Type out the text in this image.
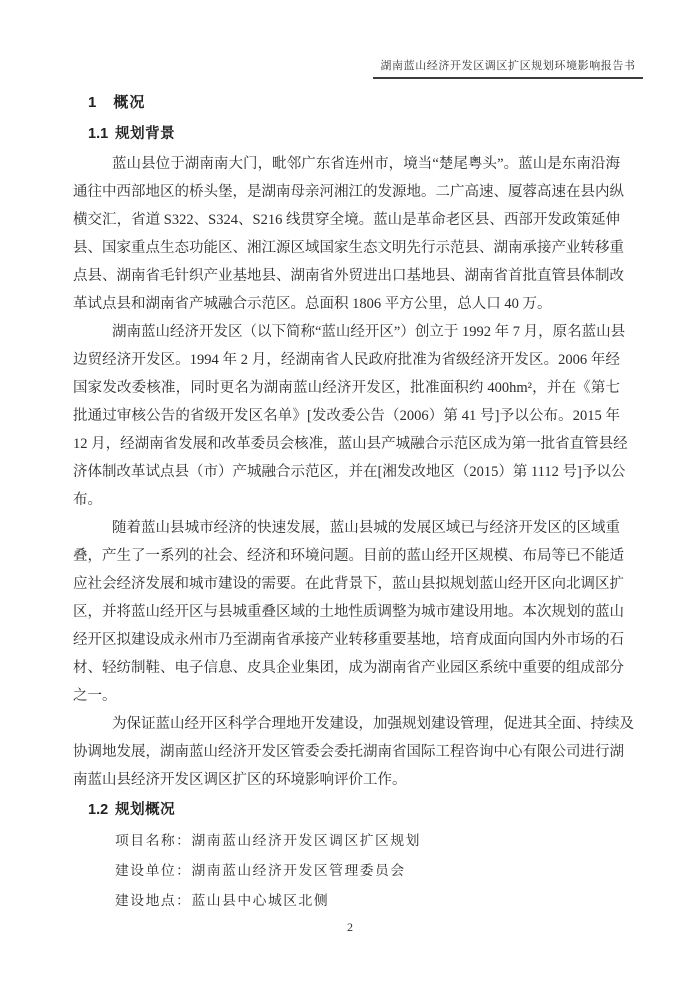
湖南蓝山经济开发区调区扩区规划环境影响报告书
1 概况
1.1 规划背景
蓝山县位于湖南南大门，毗邻广东省连州市，境当“楚尾粤头”。蓝山是东南沿海
通往中西部地区的桥头堡，是湖南母亲河湘江的发源地。二广高速、厦蓉高速在县内纵
横交汇，省道 S322、S324、S216 线贯穿全境。蓝山是革命老区县、西部开发政策延伸
县、国家重点生态功能区、湘江源区域国家生态文明先行示范县、湖南承接产业转移重
点县、湖南省毛针织产业基地县、湖南省外贸进出口基地县、湖南省首批直管县体制改
革试点县和湖南省产城融合示范区。总面积 1806 平方公里，总人口 40 万。
湖南蓝山经济开发区（以下简称“蓝山经开区”）创立于 1992 年 7 月，原名蓝山县
边贸经济开发区。1994 年 2 月，经湖南省人民政府批准为省级经济开发区。2006 年经
国家发改委核准，同时更名为湖南蓝山经济开发区，批准面积约 400hm²，并在《第七
批通过审核公告的省级开发区名单》[发改委公告（2006）第 41 号]予以公布。2015 年
12 月，经湖南省发展和改革委员会核准，蓝山县产城融合示范区成为第一批省直管县经
济体制改革试点县（市）产城融合示范区，并在[湘发改地区（2015）第 1112 号]予以公
布。
随着蓝山县城市经济的快速发展，蓝山县城的发展区域已与经济开发区的区域重
叠，产生了一系列的社会、经济和环境问题。目前的蓝山经开区规模、布局等已不能适
应社会经济发展和城市建设的需要。在此背景下，蓝山县拟规划蓝山经开区向北调区扩
区，并将蓝山经开区与县城重叠区域的土地性质调整为城市建设用地。本次规划的蓝山
经开区拟建设成永州市乃至湖南省承接产业转移重要基地，培育成面向国内外市场的石
材、轻纺制鞋、电子信息、皮具企业集团，成为湖南省产业园区系统中重要的组成部分
之一。
为保证蓝山经开区科学合理地开发建设，加强规划建设管理，促进其全面、持续及
协调地发展，湖南蓝山经济开发区管委会委托湖南省国际工程咨询中心有限公司进行湖
南蓝山县经济开发区调区扩区的环境影响评价工作。
1.2 规划概况
项目名称：湖南蓝山经济开发区调区扩区规划
建设单位：湖南蓝山经济开发区管理委员会
建设地点：蓝山县中心城区北侧
2
